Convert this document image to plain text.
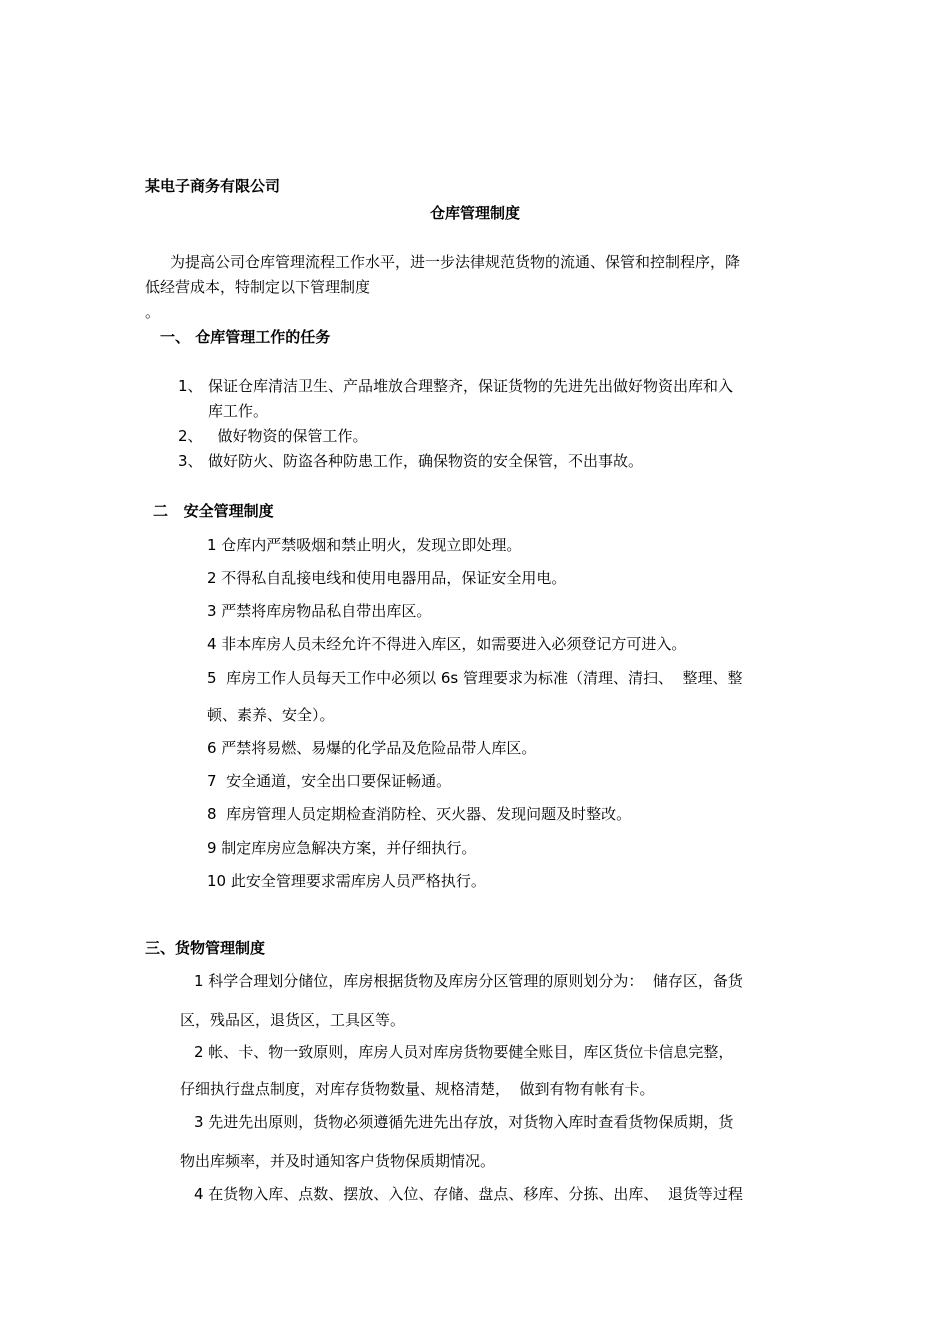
某电子商务有限公司
仓库管理制度
为提高公司仓库管理流程工作水平，进一步法律规范货物的流通、保管和控制程序，降
低经营成本，特制定以下管理制度
。
一、 仓库管理工作的任务
1、 保证仓库清洁卫生、产品堆放合理整齐，保证货物的先进先出做好物资出库和入
库工作。
2、  做好物资的保管工作。
3、 做好防火、防盗各种防患工作，确保物资的安全保管，不出事故。
二   安全管理制度
1 仓库内严禁吸烟和禁止明火，发现立即处理。
2 不得私自乱接电线和使用电器用品，保证安全用电。
3 严禁将库房物品私自带出库区。
4 非本库房人员未经允许不得进入库区，如需要进入必须登记方可进入。
5  库房工作人员每天工作中必须以 6s 管理要求为标准（清理、清扫、  整理、整
顿、素养、安全）。
6 严禁将易燃、易爆的化学品及危险品带人库区。
7  安全通道，安全出口要保证畅通。
8  库房管理人员定期检查消防栓、灭火器、发现问题及时整改。
9 制定库房应急解决方案，并仔细执行。
10 此安全管理要求需库房人员严格执行。
三、货物管理制度
1 科学合理划分储位，库房根据货物及库房分区管理的原则划分为：  储存区，备货
区，残品区，退货区，工具区等。
2 帐、卡、物一致原则，库房人员对库房货物要健全账目，库区货位卡信息完整，
仔细执行盘点制度，对库存货物数量、规格清楚，  做到有物有帐有卡。
3 先进先出原则，货物必须遵循先进先出存放，对货物入库时查看货物保质期，货
物出库频率，并及时通知客户货物保质期情况。
4 在货物入库、点数、摆放、入位、存储、盘点、移库、分拣、出库、  退货等过程
